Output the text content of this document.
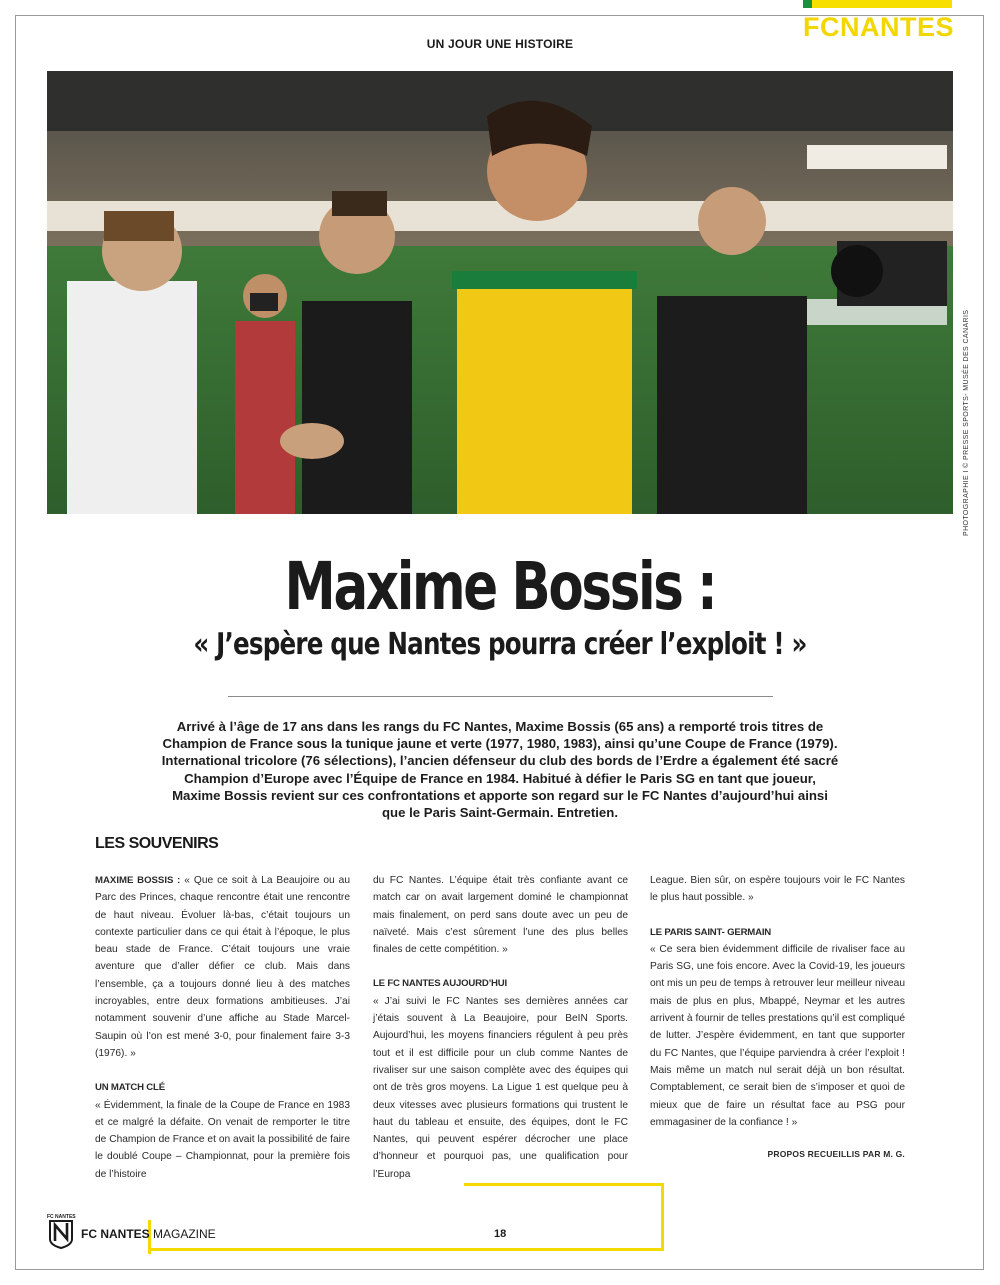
FCNANTES
UN JOUR UNE HISTOIRE
PHOTOGRAPHIE I © PRESSE SPORTS- MUSÉE DES CANARIS
Maxime Bossis :
« J’espère que Nantes pourra créer l’exploit ! »

Arrivé à l’âge de 17 ans dans les rangs du FC Nantes, Maxime Bossis (65 ans) a remporté trois titres de Champion de France sous la tunique jaune et verte (1977, 1980, 1983), ainsi qu’une Coupe de France (1979). International tricolore (76 sélections), l’ancien défenseur du club des bords de l’Erdre a également été sacré Champion d’Europe avec l’Équipe de France en 1984. Habitué à défier le Paris SG en tant que joueur, Maxime Bossis revient sur ces confrontations et apporte son regard sur le FC Nantes d’aujourd’hui ainsi que le Paris Saint-Germain. Entretien.

LES SOUVENIRS

MAXIME BOSSIS : « Que ce soit à La Beaujoire ou au Parc des Princes, chaque rencontre était une rencontre de haut niveau. Évoluer là-bas, c’était toujours un contexte particulier dans ce qui était à l’époque, le plus beau stade de France. C’était toujours une vraie aventure que d’aller défier ce club. Mais dans l’ensemble, ça a toujours donné lieu à des matches incroyables, entre deux formations ambitieuses. J’ai notamment souvenir d’une affiche au Stade Marcel-Saupin où l’on est mené 3-0, pour finalement faire 3-3 (1976). »

UN MATCH CLÉ

« Évidemment, la finale de la Coupe de France en 1983 et ce malgré la défaite. On venait de remporter le titre de Champion de France et on avait la possibilité de faire le doublé Coupe – Championnat, pour la première fois de l’histoire

du FC Nantes. L’équipe était très confiante avant ce match car on avait largement dominé le championnat mais finalement, on perd sans doute avec un peu de naïveté. Mais c’est sûrement l’une des plus belles finales de cette compétition. »

LE FC NANTES AUJOURD’HUI

« J’ai suivi le FC Nantes ses dernières années car j’étais souvent à La Beaujoire, pour BeIN Sports. Aujourd’hui, les moyens financiers régulent à peu près tout et il est difficile pour un club comme Nantes de rivaliser sur une saison complète avec des équipes qui ont de très gros moyens. La Ligue 1 est quelque peu à deux vitesses avec plusieurs formations qui trustent le haut du tableau et ensuite, des équipes, dont le FC Nantes, qui peuvent espérer décrocher une place d’honneur et pourquoi pas, une qualification pour l’Europa

League. Bien sûr, on espère toujours voir le FC Nantes le plus haut possible. »

LE PARIS SAINT- GERMAIN

« Ce sera bien évidemment difficile de rivaliser face au Paris SG, une fois encore. Avec la Covid-19, les joueurs ont mis un peu de temps à retrouver leur meilleur niveau mais de plus en plus, Mbappé, Neymar et les autres arrivent à fournir de telles prestations qu’il est compliqué de lutter. J’espère évidemment, en tant que supporter du FC Nantes, que l’équipe parviendra à créer l’exploit ! Mais même un match nul serait déjà un bon résultat. Comptablement, ce serait bien de s’imposer et quoi de mieux que de faire un résultat face au PSG pour emmagasiner de la confiance ! »

PROPOS RECUEILLIS PAR M. G.
FC NANTES
FC NANTES MAGAZINE	18
